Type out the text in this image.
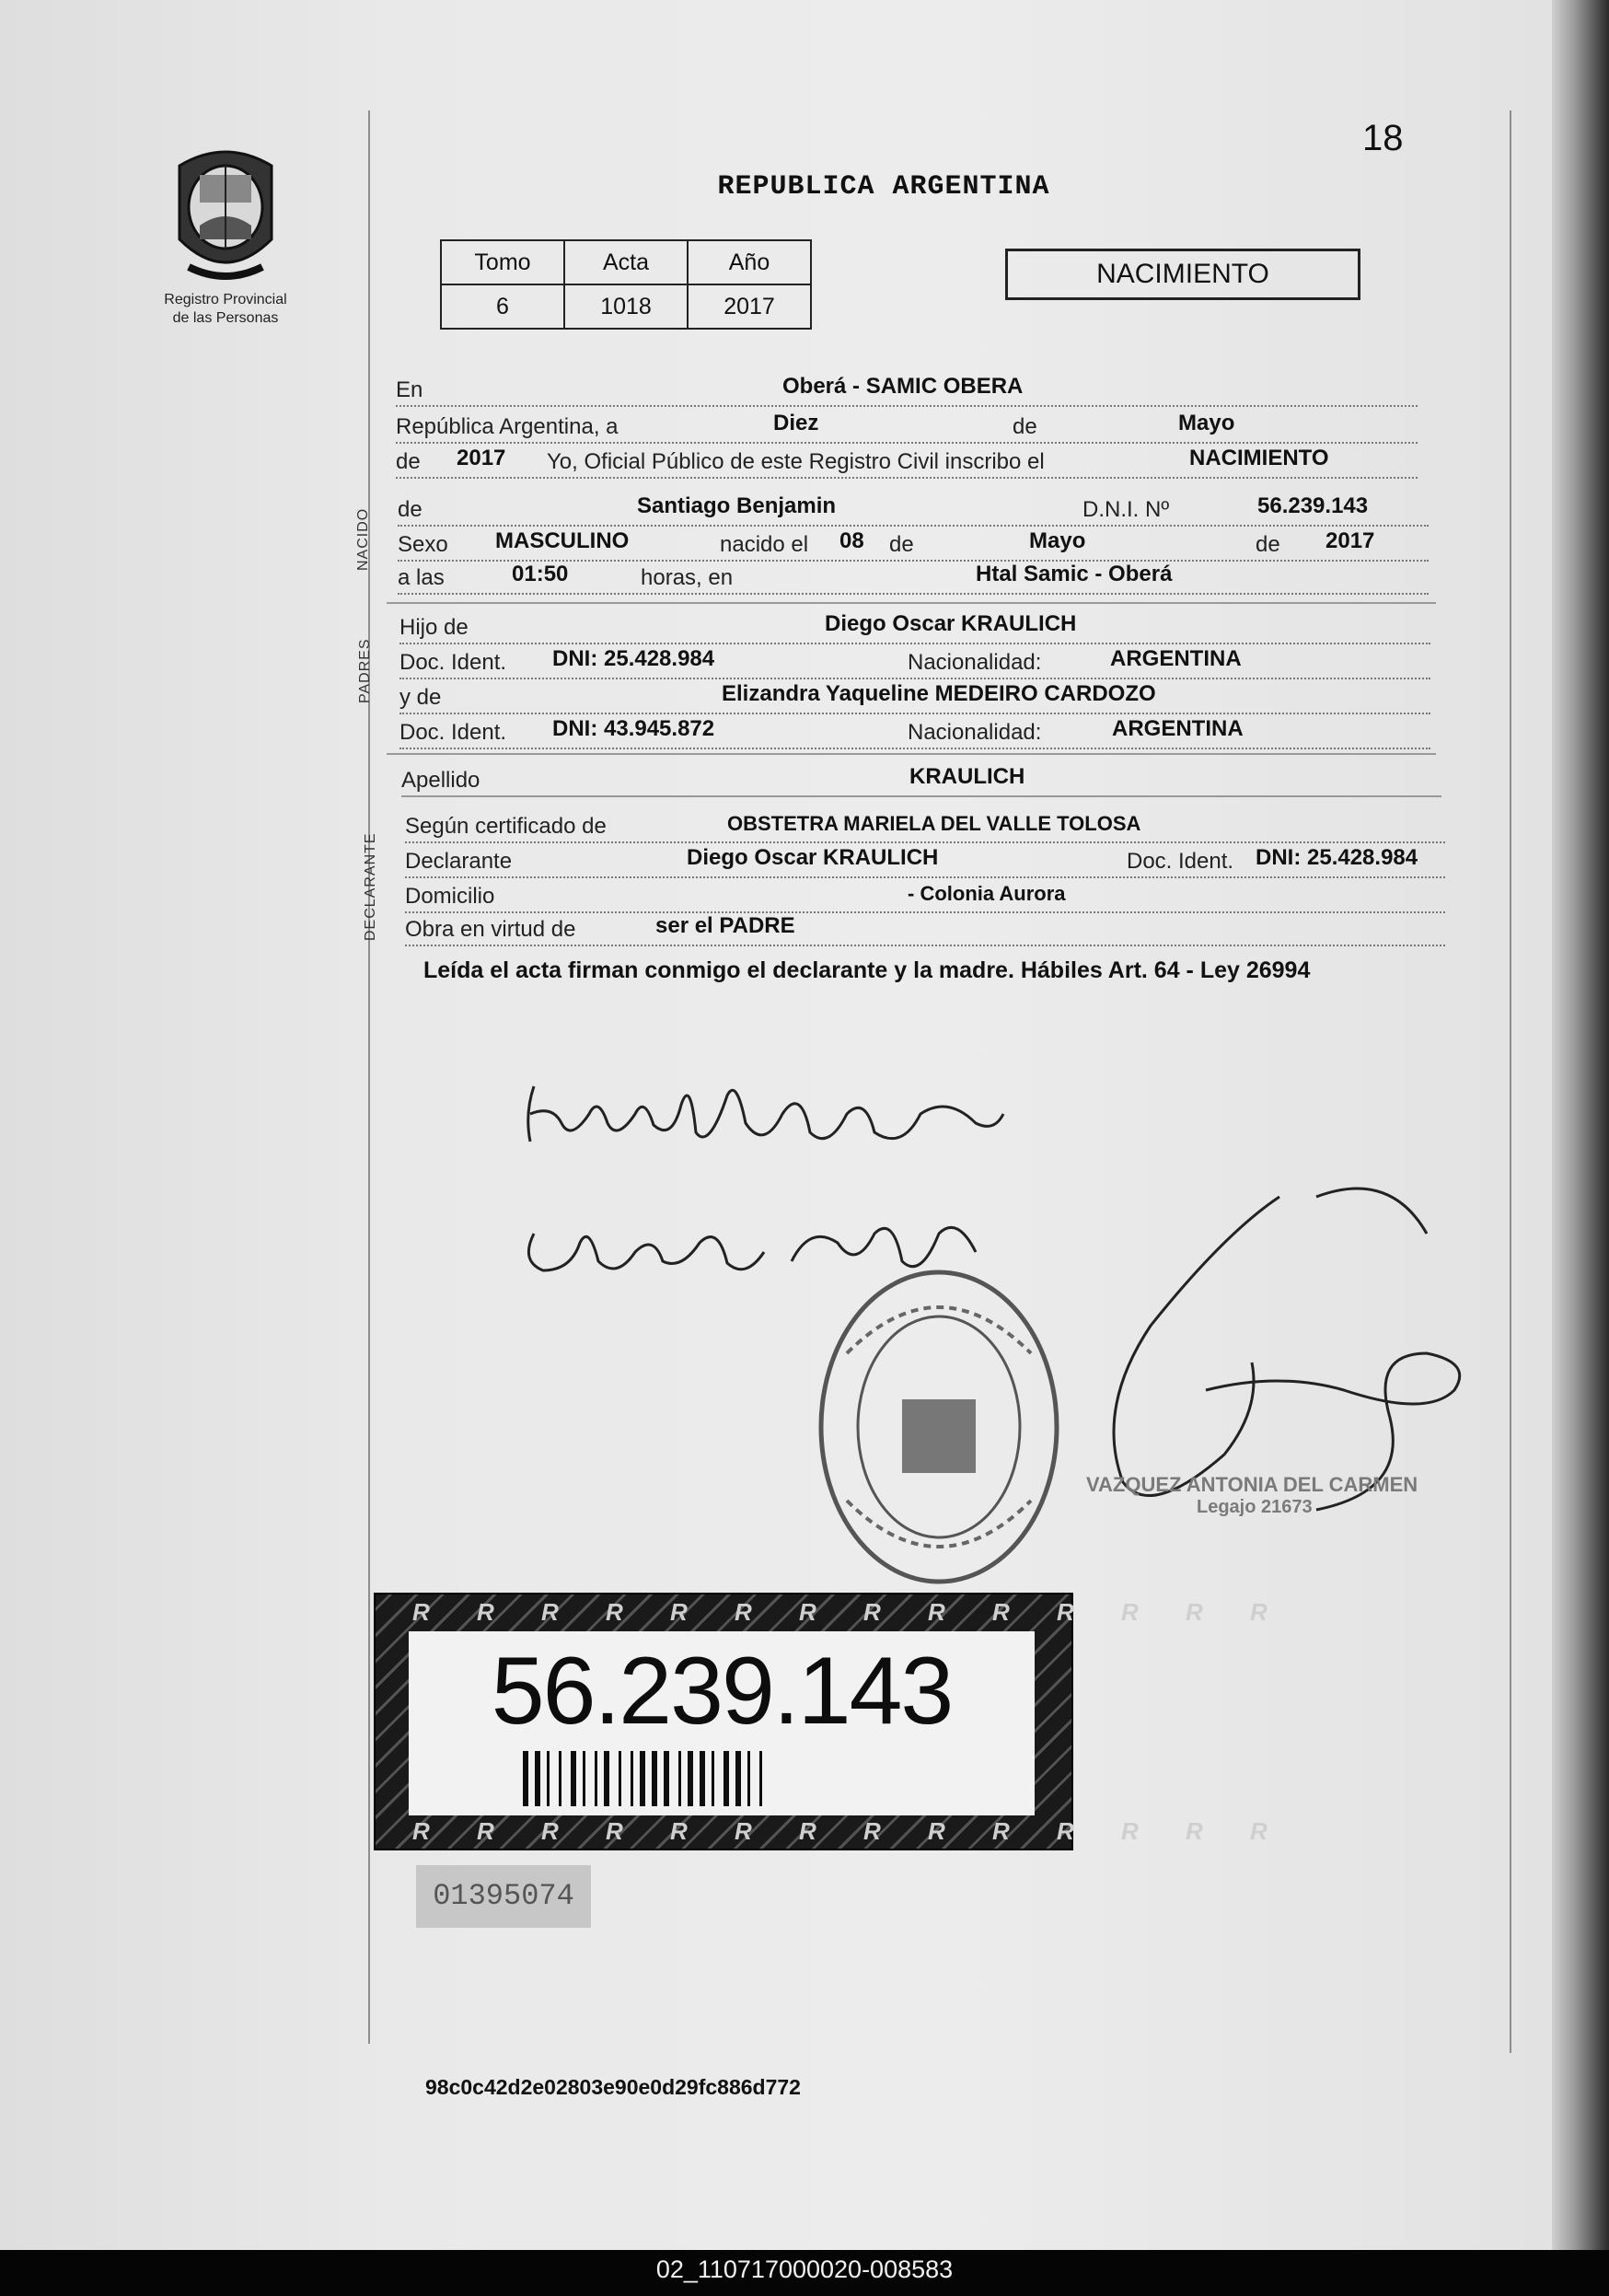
18
Registro Provincial
de las Personas
REPUBLICA ARGENTINA
Tomo	Acta	Año
6	1018	2017
NACIMIENTO
En	Oberá - SAMIC OBERA
República Argentina, a	Diez	de	Mayo
de 2017 Yo, Oficial Público de este Registro Civil inscribo el	NACIMIENTO
NACIDO de	Santiago Benjamin	D.N.I. Nº	56.239.143
Sexo MASCULINO	nacido el 08 de	Mayo	de 2017
a las	01:50	horas, en	Htal Samic - Oberá
PADRES
Hijo de	Diego Oscar KRAULICH
Doc. Ident. DNI: 25.428.984	Nacionalidad:	ARGENTINA
y de	Elizandra Yaqueline MEDEIRO CARDOZO
Doc. Ident. DNI: 43.945.872	Nacionalidad:	ARGENTINA
Apellido	KRAULICH
DECLARANTE
Según certificado de	OBSTETRA MARIELA DEL VALLE TOLOSA
Declarante	Diego Oscar KRAULICH	Doc. Ident. DNI: 25.428.984
Domicilio	- Colonia Aurora
Obra en virtud de	ser el PADRE
Leída el acta firman conmigo el declarante y la madre. Hábiles Art. 64 - Ley 26994
VAZQUEZ ANTONIA DEL CARMEN
Legajo 21673
R R R R R R R R R R R R R R
R R R R R R R R R R R R R R
56.239.143
01395074
98c0c42d2e02803e90e0d29fc886d772
02_110717000020-008583
